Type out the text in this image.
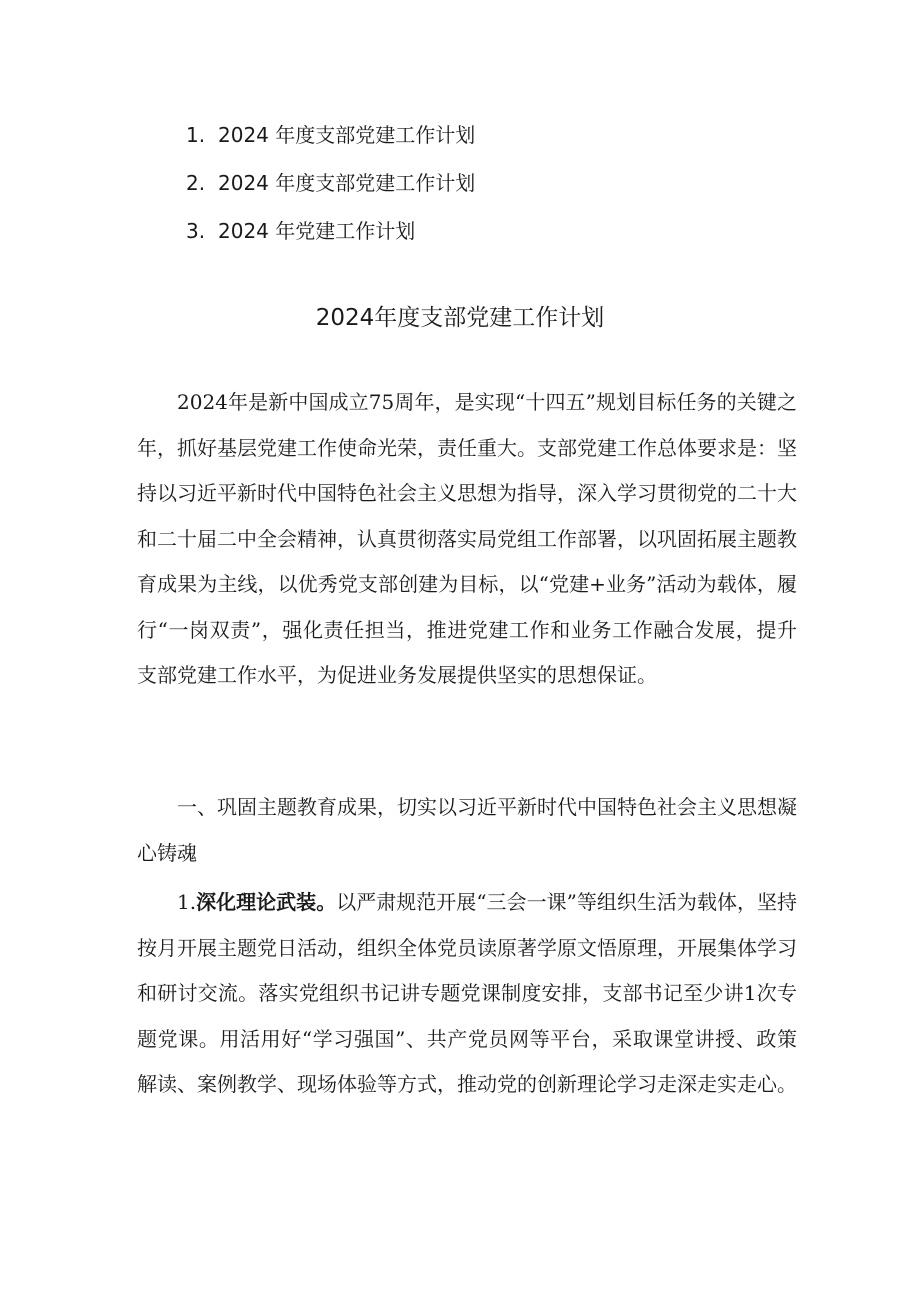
1. 2024 年度支部党建工作计划
2. 2024 年度支部党建工作计划
3. 2024 年党建工作计划
2024年度支部党建工作计划

2024年是新中国成立75周年，是实现“十四五”规划目标任务的关键之年，抓好基层党建工作使命光荣，责任重大。支部党建工作总体要求是：坚持以习近平新时代中国特色社会主义思想为指导，深入学习贯彻党的二十大和二十届二中全会精神，认真贯彻落实局党组工作部署，以巩固拓展主题教育成果为主线，以优秀党支部创建为目标，以“党建+业务”活动为载体，履行“一岗双责”，强化责任担当，推进党建工作和业务工作融合发展，提升支部党建工作水平，为促进业务发展提供坚实的思想保证。

一、巩固主题教育成果，切实以习近平新时代中国特色社会主义思想凝心铸魂

1.深化理论武装。以严肃规范开展“三会一课”等组织生活为载体，坚持按月开展主题党日活动，组织全体党员读原著学原文悟原理，开展集体学习和研讨交流。落实党组织书记讲专题党课制度安排，支部书记至少讲1次专题党课。用活用好“学习强国”、共产党员网等平台，采取课堂讲授、政策解读、案例教学、现场体验等方式，推动党的创新理论学习走深走实走心。
